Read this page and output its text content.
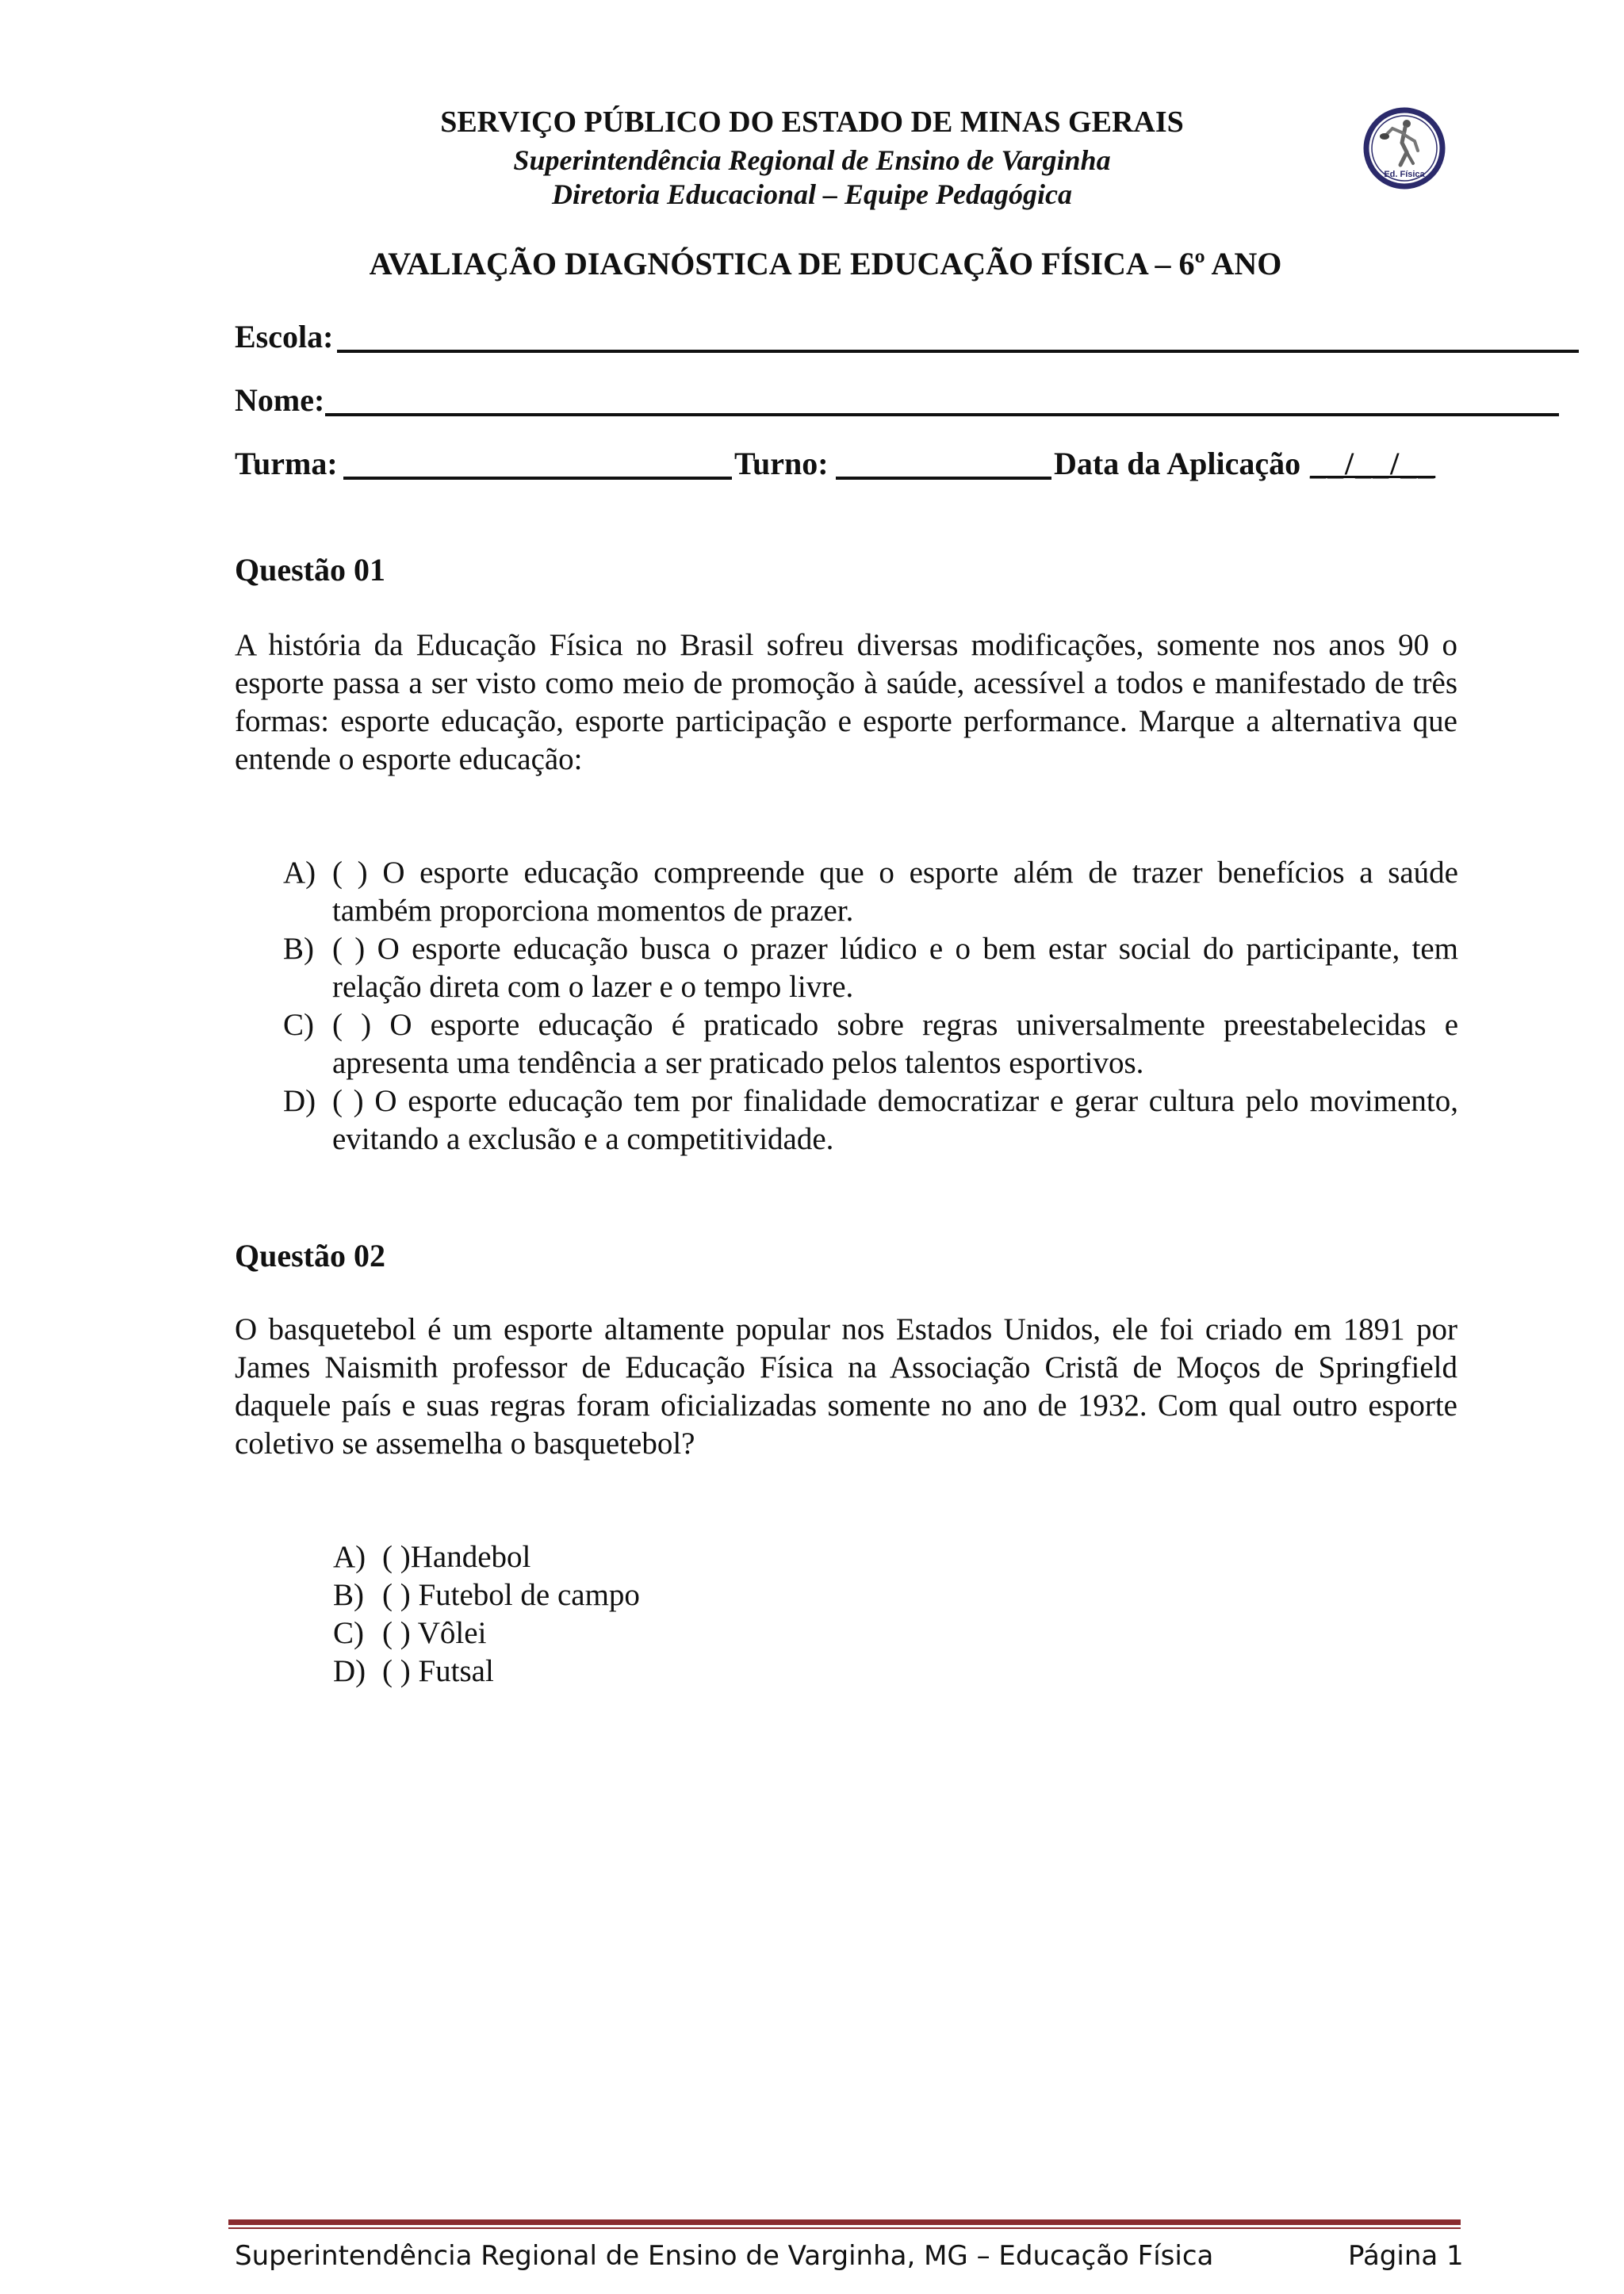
SERVIÇO PÚBLICO DO ESTADO DE MINAS GERAIS
Superintendência Regional de Ensino de Varginha
Diretoria Educacional – Equipe Pedagógica
Ed. Física
AVALIAÇÃO DIAGNÓSTICA DE EDUCAÇÃO FÍSICA – 6º ANO
Escola:
Nome:
Turma:	Turno:	Data da Aplicação __/__/__
Questão 01
A história da Educação Física no Brasil sofreu diversas modificações, somente nos anos 90 o esporte passa a ser visto como meio de promoção à saúde, acessível a todos e manifestado de três formas: esporte educação, esporte participação e esporte performance. Marque a alternativa que entende o esporte educação:
A) ( ) O esporte educação compreende que o esporte além de trazer benefícios a saúde também proporciona momentos de prazer.
B) ( ) O esporte educação busca o prazer lúdico e o bem estar social do participante, tem relação direta com o lazer e o tempo livre.
C) ( ) O esporte educação é praticado sobre regras universalmente preestabelecidas e apresenta uma tendência a ser praticado pelos talentos esportivos.
D) ( ) O esporte educação tem por finalidade democratizar e gerar cultura pelo movimento, evitando a exclusão e a competitividade.
Questão 02
O basquetebol é um esporte altamente popular nos Estados Unidos, ele foi criado em 1891 por James Naismith professor de Educação Física na Associação Cristã de Moços de Springfield daquele país e suas regras foram oficializadas somente no ano de 1932. Com qual outro esporte coletivo se assemelha o basquetebol?
A) ( )Handebol
B) ( ) Futebol de campo
C) ( ) Vôlei
D) ( ) Futsal
Superintendência Regional de Ensino de Varginha, MG – Educação Física	Página 1
